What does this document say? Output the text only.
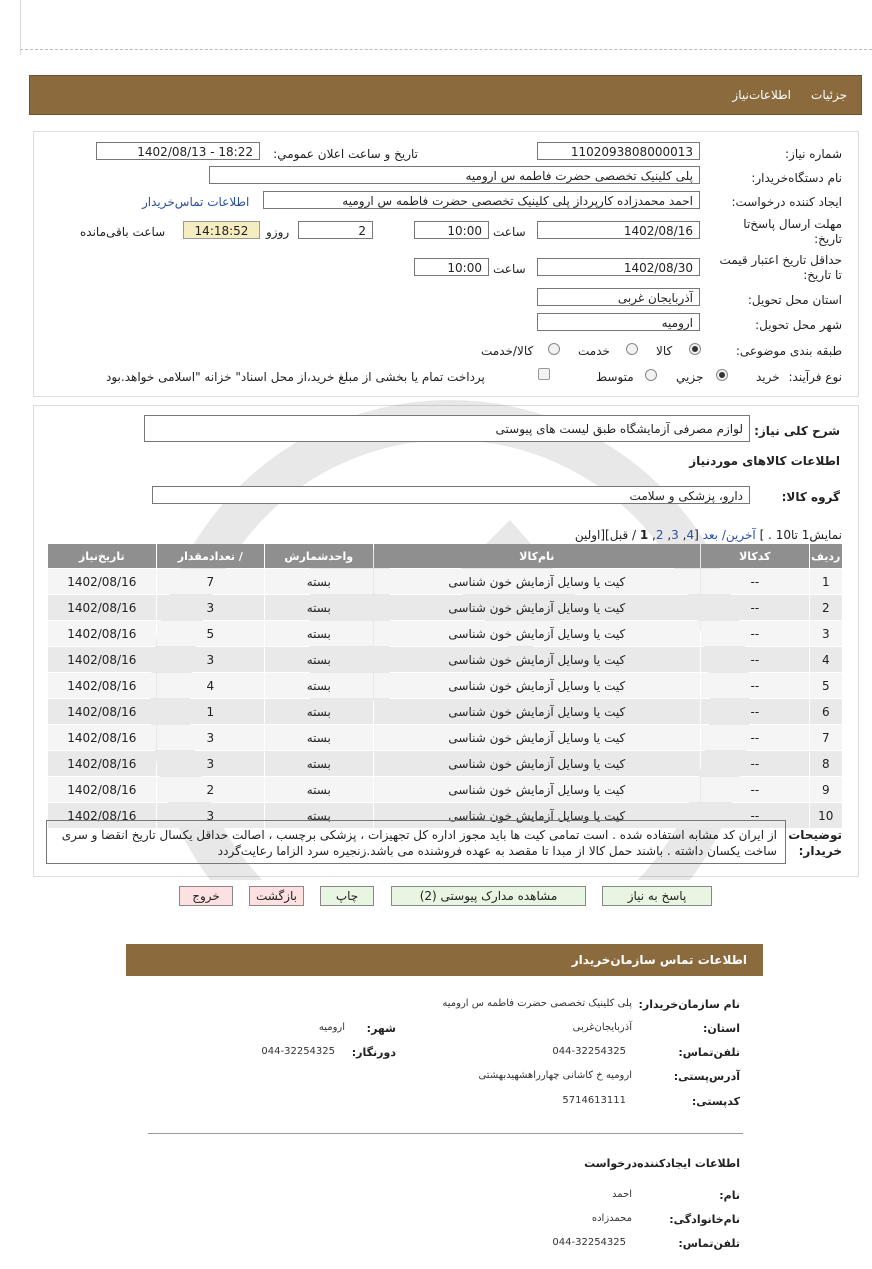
جزئیات
اطلاعات‌نیاز
شماره نیاز:
1102093808000013
تاریخ و ساعت اعلان عمومي:
1402/08/13 - 18:22
نام دستگاه‌خریدار:
پلی کلینیک تخصصی حضرت فاطمه س ارومیه
ایجاد کننده درخواست:
احمد محمدزاده کارپرداز پلی کلینیک تخصصی حضرت فاطمه س ارومیه
اطلاعات تماس‌خریدار
مهلت ارسال پاسخ‌تا تاریخ:
1402/08/16
ساعت
10:00
2
روزو
14:18:52
ساعت باقی‌مانده
حداقل تاریخ اعتبار قیمت تا تاریخ:
1402/08/30
ساعت
10:00
استان محل تحویل:
آذربایجان غربی
شهر محل تحویل:
ارومیه
طبقه بندی موضوعی:
کالا
خدمت
کالا/خدمت
نوع فرآیند:
خرید
جزیي
متوسط
پرداخت تمام یا بخشی از مبلغ خرید،از محل اسناد" خزانه "اسلامی خواهد.بود
شرح کلی نیاز:
لوازم مصرفی آزمایشگاه طبق لیست های پیوستی
اطلاعات کالاهای موردنیاز
گروه کالا:
دارو، پزشکی و سلامت
نمایش1 تا10 . ] آخرین/ بعد [4, 3, 2, 1 / قبل][اولین
ردیف	کدکالا	نام‌کالا	واحدشمارش	/ تعدادمقدار	تاریخ‌نیاز
1	--	کیت یا وسایل آزمایش خون شناسی	بسته	7	1402/08/16
2	--	کیت یا وسایل آزمایش خون شناسی	بسته	3	1402/08/16
3	--	کیت یا وسایل آزمایش خون شناسی	بسته	5	1402/08/16
4	--	کیت یا وسایل آزمایش خون شناسی	بسته	3	1402/08/16
5	--	کیت یا وسایل آزمایش خون شناسی	بسته	4	1402/08/16
6	--	کیت یا وسایل آزمایش خون شناسی	بسته	1	1402/08/16
7	--	کیت یا وسایل آزمایش خون شناسی	بسته	3	1402/08/16
8	--	کیت یا وسایل آزمایش خون شناسی	بسته	3	1402/08/16
9	--	کیت یا وسایل آزمایش خون شناسی	بسته	2	1402/08/16
10	--	کیت یا وسایل آزمایش خون شناسی	بسته	3	1402/08/16
توضیحات خریدار:
از ایران کد مشابه استفاده شده . است تمامی کیت ها باید مجوز اداره کل تجهیزات ، پزشکی برچسب ، اصالت حداقل یکسال تاریخ انقضا و سری ساخت یکسان داشته . باشند حمل کالا از مبدا تا مقصد به عهده فروشنده می باشد.زنجیره سرد الزاما رعایت‌گردد
پاسخ به نیاز
مشاهده مدارک پیوستی (2)
چاپ
بازگشت
خروج
اطلاعات تماس سازمان‌خریدار
نام سازمان‌خریدار:
پلی کلینیک تخصصی حضرت فاطمه س ارومیه
استان:
آذربایجان‌غربی
شهر:
ارومیه
تلفن‌تماس:
044-32254325
دورنگار:
044-32254325
آدرس‌پستی:
ارومیه خ کاشانی چهارراهشهیدبهشتی
کدپستی:
5714613111
اطلاعات ایجادکننده‌درخواست
نام:
احمد
نام‌خانوادگی:
محمدزاده
تلفن‌تماس:
044-32254325
